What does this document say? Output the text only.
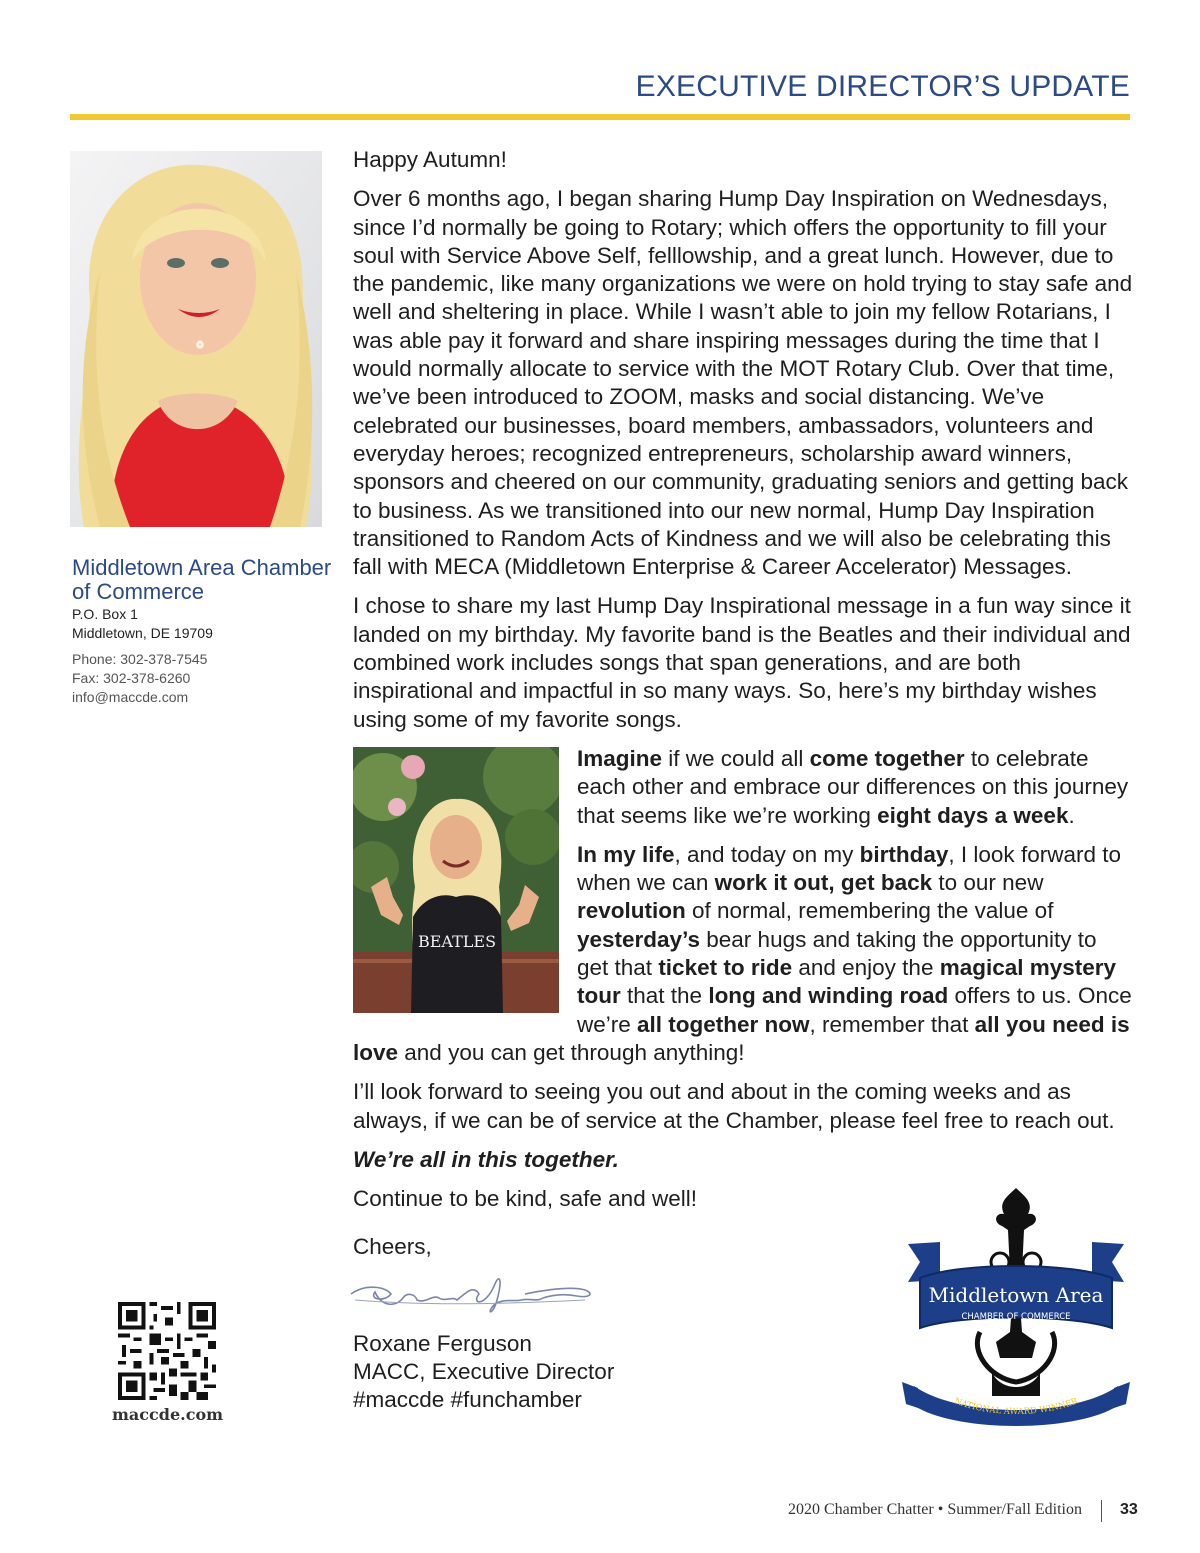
EXECUTIVE DIRECTOR’S UPDATE
Middletown Area Chamber of Commerce
P.O. Box 1
Middletown, DE 19709
Phone: 302-378-7545
Fax: 302-378-6260
info@maccde.com
maccde.com

Happy Autumn!

Over 6 months ago, I began sharing Hump Day Inspiration on Wednesdays, since I’d normally be going to Rotary; which offers the opportunity to fill your soul with Service Above Self, felllowship, and a great lunch. However, due to the pandemic, like many organizations we were on hold trying to stay safe and well and sheltering in place. While I wasn’t able to join my fellow Rotarians, I was able pay it forward and share inspiring messages during the time that I would normally allocate to service with the MOT Rotary Club. Over that time, we’ve been introduced to ZOOM, masks and social distancing. We’ve celebrated our businesses, board members, ambassadors, volunteers and everyday heroes; recognized entrepreneurs, scholarship award winners, sponsors and cheered on our community, graduating seniors and getting back to business. As we transitioned into our new normal, Hump Day Inspiration transitioned to Random Acts of Kindness and we will also be celebrating this fall with MECA (Middletown Enterprise & Career Accelerator) Messages.

I chose to share my last Hump Day Inspirational message in a fun way since it landed on my birthday. My favorite band is the Beatles and their individual and combined work includes songs that span generations, and are both inspirational and impactful in so many ways. So, here’s my birthday wishes using some of my favorite songs.

BEATLES

Imagine if we could all come together to celebrate each other and embrace our differences on this journey that seems like we’re working eight days a week.

In my life, and today on my birthday, I look forward to when we can work it out, get back to our new revolution of normal, remembering the value of yesterday’s bear hugs and taking the opportunity to get that ticket to ride and enjoy the magical mystery tour that the long and winding road offers to us. Once we’re all together now, remember that all you need is love and you can get through anything!

I’ll look forward to seeing you out and about in the coming weeks and as always, if we can be of service at the Chamber, please feel free to reach out.

We’re all in this together.

Continue to be kind, safe and well!

Cheers,
Roxane Ferguson
MACC, Executive Director
#maccde #funchamber
Middletown Area
CHAMBER OF COMMERCE
NATIONAL AWARD WINNER
2020 Chamber Chatter • Summer/Fall Edition 33
